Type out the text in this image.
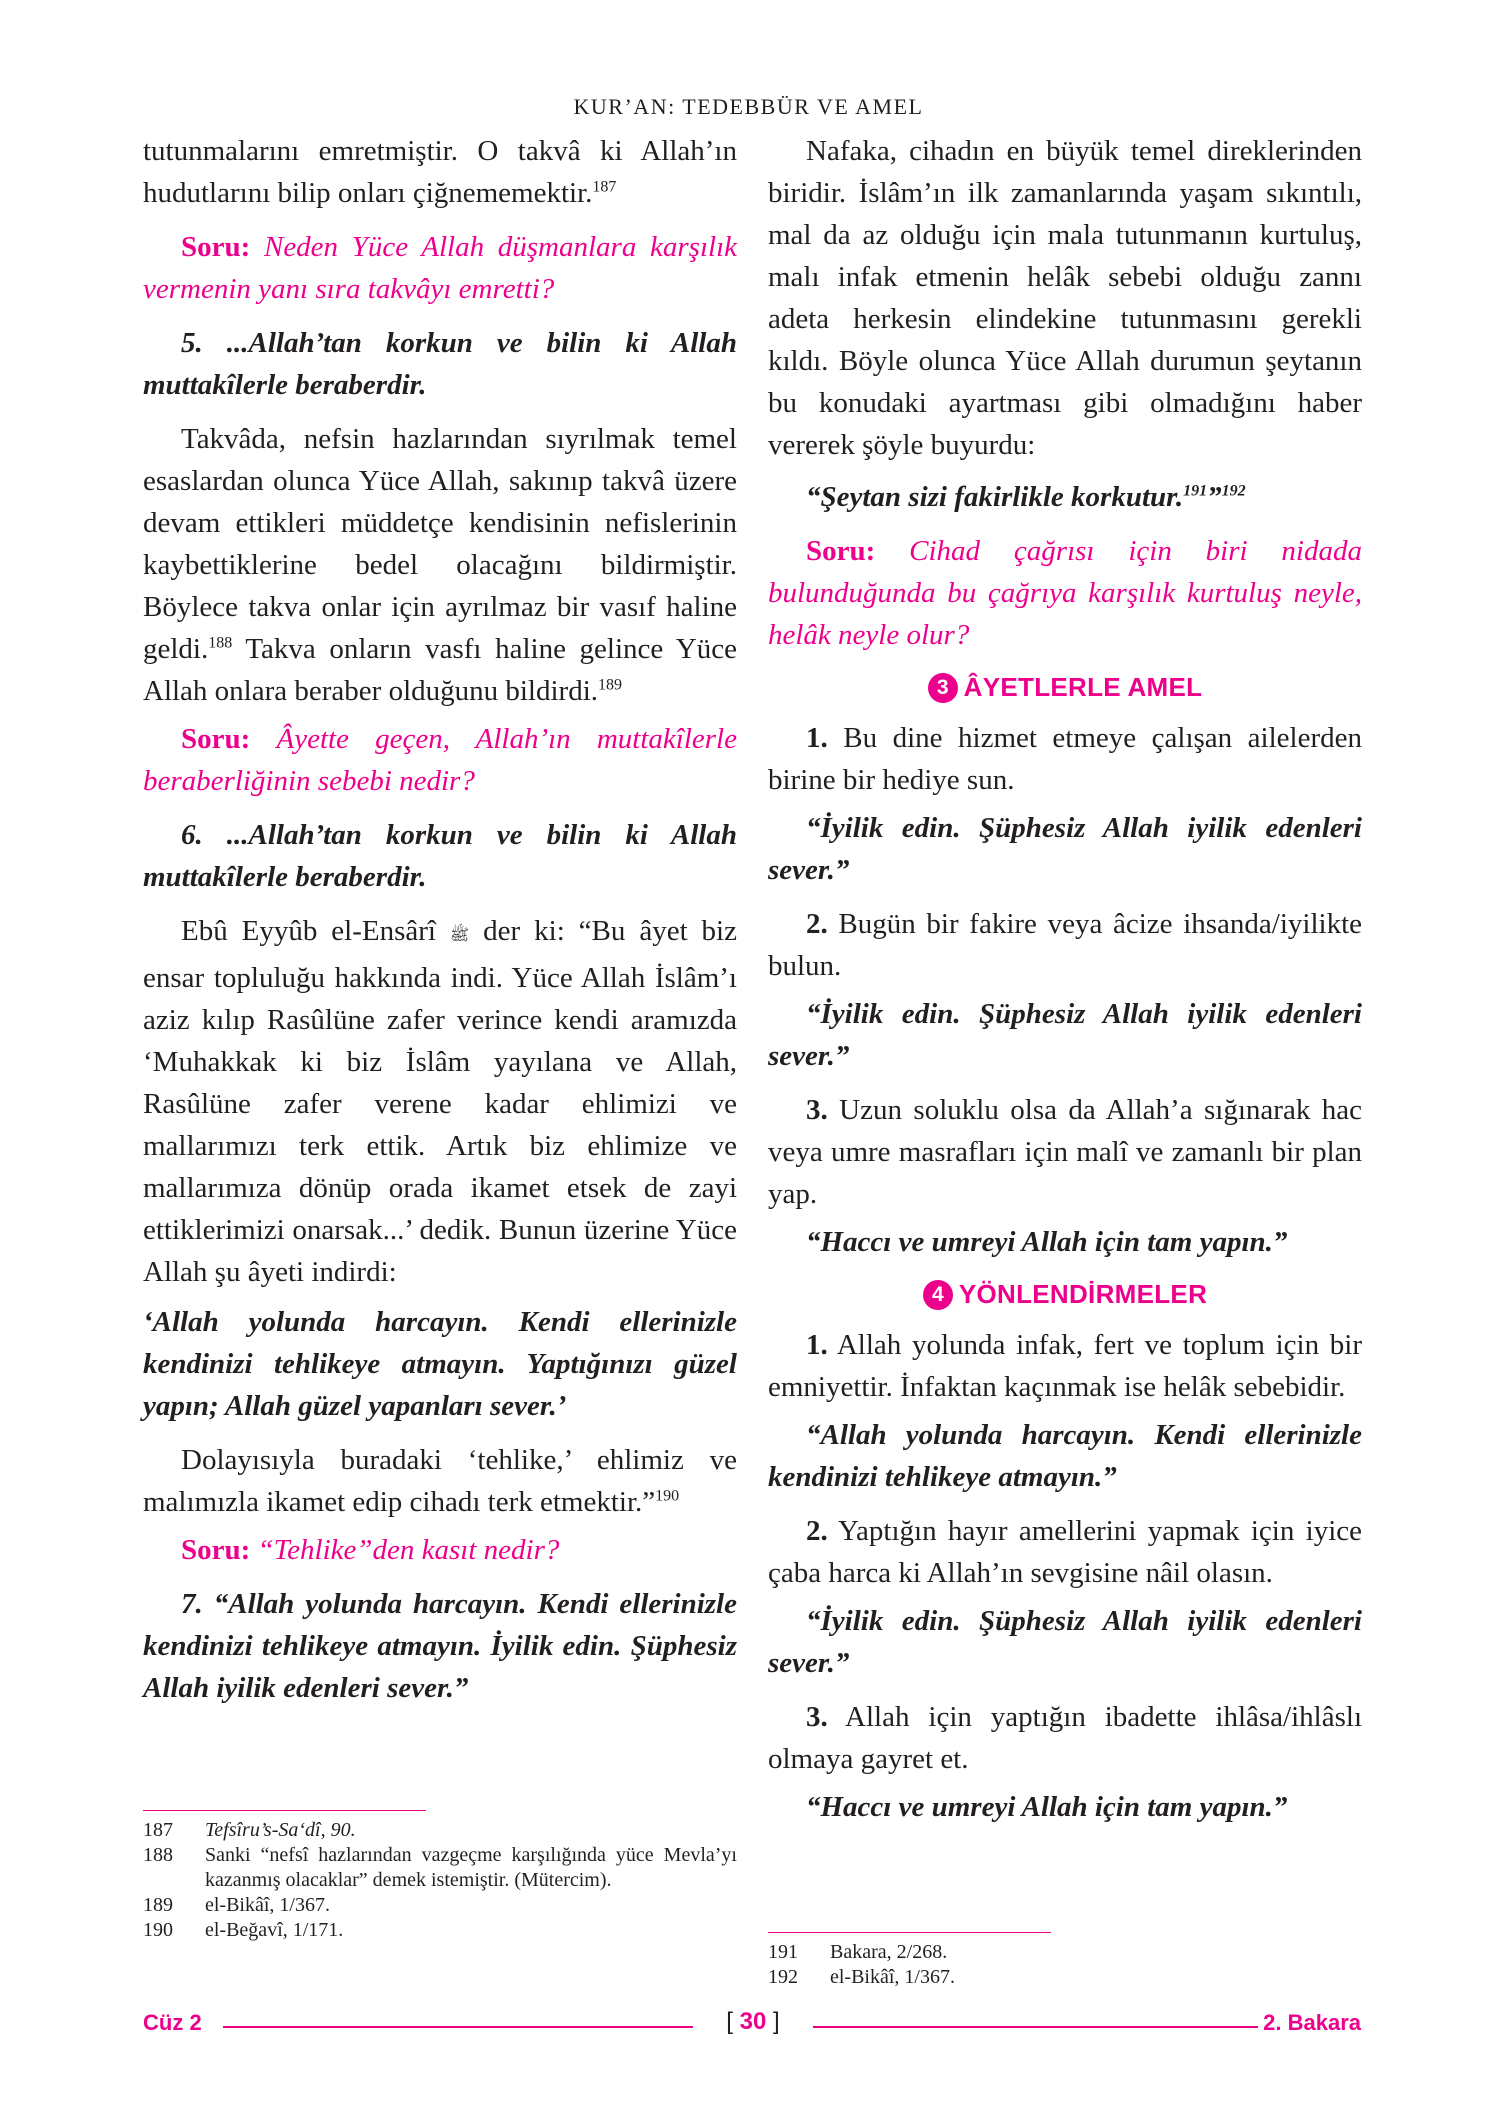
KUR’AN: TEDEBBÜR VE AMEL

tutunmalarını emretmiştir. O takvâ ki Allah’ın hudutlarını bilip onları çiğnememektir.$^{187}$

Soru: Neden Yüce Allah düşmanlara karşılık vermenin yanı sıra takvâyı emretti?

5. ...Allah’tan korkun ve bilin ki Allah muttakîlerle beraberdir.

Takvâda, nefsin hazlarından sıyrılmak temel esaslardan olunca Yüce Allah, sakınıp takvâ üzere devam ettikleri müddetçe kendisinin nefislerinin kaybettiklerine bedel olacağını bildirmiştir. Böylece takva onlar için ayrılmaz bir vasıf haline geldi.$^{188}$ Takva onların vasfı haline gelince Yüce Allah onlara beraber olduğunu bildirdi.$^{189}$

Soru: Âyette geçen, Allah’ın muttakîlerle beraberliğinin sebebi nedir?

6. ...Allah’tan korkun ve bilin ki Allah muttakîlerle beraberdir.

Ebû Eyyûb el-Ensârî ﷺ der ki: “Bu âyet biz ensar topluluğu hakkında indi. Yüce Allah İslâm’ı aziz kılıp Rasûlüne zafer verince kendi aramızda ‘Muhakkak ki biz İslâm yayılana ve Allah, Rasûlüne zafer verene kadar ehlimizi ve mallarımızı terk ettik. Artık biz ehlimize ve mallarımıza dönüp orada ikamet etsek de zayi ettiklerimizi onarsak...’ dedik. Bunun üzerine Yüce Allah şu âyeti indirdi:

‘Allah yolunda harcayın. Kendi ellerinizle kendinizi tehlikeye atmayın. Yaptığınızı güzel yapın; Allah güzel yapanları sever.’

Dolayısıyla buradaki ‘tehlike,’ ehlimiz ve malımızla ikamet edip cihadı terk etmektir.”$^{190}$

Soru: “Tehlike”den kasıt nedir?

7. “Allah yolunda harcayın. Kendi ellerinizle kendinizi tehlikeye atmayın. İyilik edin. Şüphesiz Allah iyilik edenleri sever.”

187	Tefsîru’s-Sa‘dî, 90.
188	Sanki “nefsî hazlarından vazgeçme karşılığında yüce Mevla’yı kazanmış olacaklar” demek istemiştir. (Mütercim).
189	el-Bikâî, 1/367.
190	el-Beğavî, 1/171.

Nafaka, cihadın en büyük temel direklerinden biridir. İslâm’ın ilk zamanlarında yaşam sıkıntılı, mal da az olduğu için mala tutunmanın kurtuluş, malı infak etmenin helâk sebebi olduğu zannı adeta herkesin elindekine tutunmasını gerekli kıldı. Böyle olunca Yüce Allah durumun şeytanın bu konudaki ayartması gibi olmadığını haber vererek şöyle buyurdu:

“Şeytan sizi fakirlikle korkutur.$^{191}$”$^{192}$

Soru: Cihad çağrısı için biri nidada bulunduğunda bu çağrıya karşılık kurtuluş neyle, helâk neyle olur?

3 ÂYETLERLE AMEL

1. Bu dine hizmet etmeye çalışan ailelerden birine bir hediye sun.

“İyilik edin. Şüphesiz Allah iyilik edenleri sever.”

2. Bugün bir fakire veya âcize ihsanda/iyilikte bulun.

“İyilik edin. Şüphesiz Allah iyilik edenleri sever.”

3. Uzun soluklu olsa da Allah’a sığınarak hac veya umre masrafları için malî ve zamanlı bir plan yap.

“Haccı ve umreyi Allah için tam yapın.”

4 YÖNLENDİRMELER

1. Allah yolunda infak, fert ve toplum için bir emniyettir. İnfaktan kaçınmak ise helâk sebebidir.

“Allah yolunda harcayın. Kendi ellerinizle kendinizi tehlikeye atmayın.”

2. Yaptığın hayır amellerini yapmak için iyice çaba harca ki Allah’ın sevgisine nâil olasın.

“İyilik edin. Şüphesiz Allah iyilik edenleri sever.”

3. Allah için yaptığın ibadette ihlâsa/ihlâslı olmaya gayret et.

“Haccı ve umreyi Allah için tam yapın.”

191	Bakara, 2/268.
192	el-Bikâî, 1/367.
Cüz 2	[ 30 ]	2. Bakara
